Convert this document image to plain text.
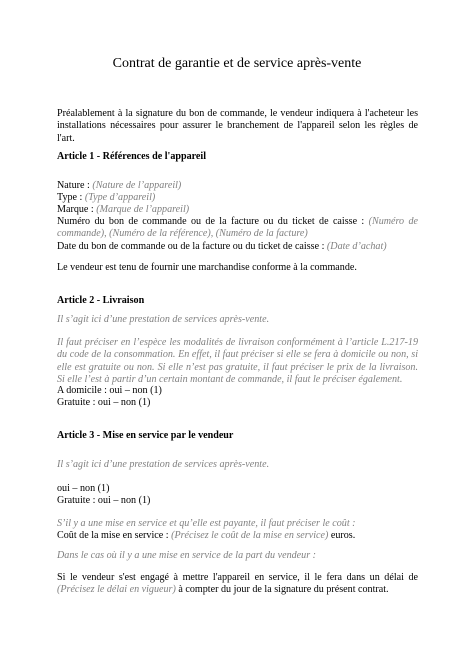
Contrat de garantie et de service après-vente

Préalablement à la signature du bon de commande, le vendeur indiquera à l'acheteur les installations nécessaires pour assurer le branchement de l'appareil selon les règles de l'art.

Article 1 - Références de l'appareil

Nature : (Nature de l’appareil)

Type : (Type d’appareil)

Marque : (Marque de l’appareil)

Numéro du bon de commande ou de la facture ou du ticket de caisse : (Numéro de commande), (Numéro de la référence), (Numéro de la facture)

Date du bon de commande ou de la facture ou du ticket de caisse : (Date d’achat)

Le vendeur est tenu de fournir une marchandise conforme à la commande.

Article 2 - Livraison

Il s’agit ici d’une prestation de services après-vente.

Il faut préciser en l’espèce les modalités de livraison conformément à l’article L.217-19 du code de la consommation. En effet, il faut préciser si elle se fera à domicile ou non, si elle est gratuite ou non. Si elle n’est pas gratuite, il faut préciser le prix de la livraison. Si elle l’est à partir d’un certain montant de commande, il faut le préciser également.

A domicile : oui – non (1)

Gratuite : oui – non (1)

Article 3 - Mise en service par le vendeur

Il s’agit ici d’une prestation de services après-vente.

oui – non (1)

Gratuite : oui – non (1)

S’il y a une mise en service et qu’elle est payante, il faut préciser le coût :

Coût de la mise en service : (Précisez le coût de la mise en service) euros.

Dans le cas où il y a une mise en service de la part du vendeur :

Si le vendeur s'est engagé à mettre l'appareil en service, il le fera dans un délai de (Précisez le délai en vigueur) à compter du jour de la signature du présent contrat.
